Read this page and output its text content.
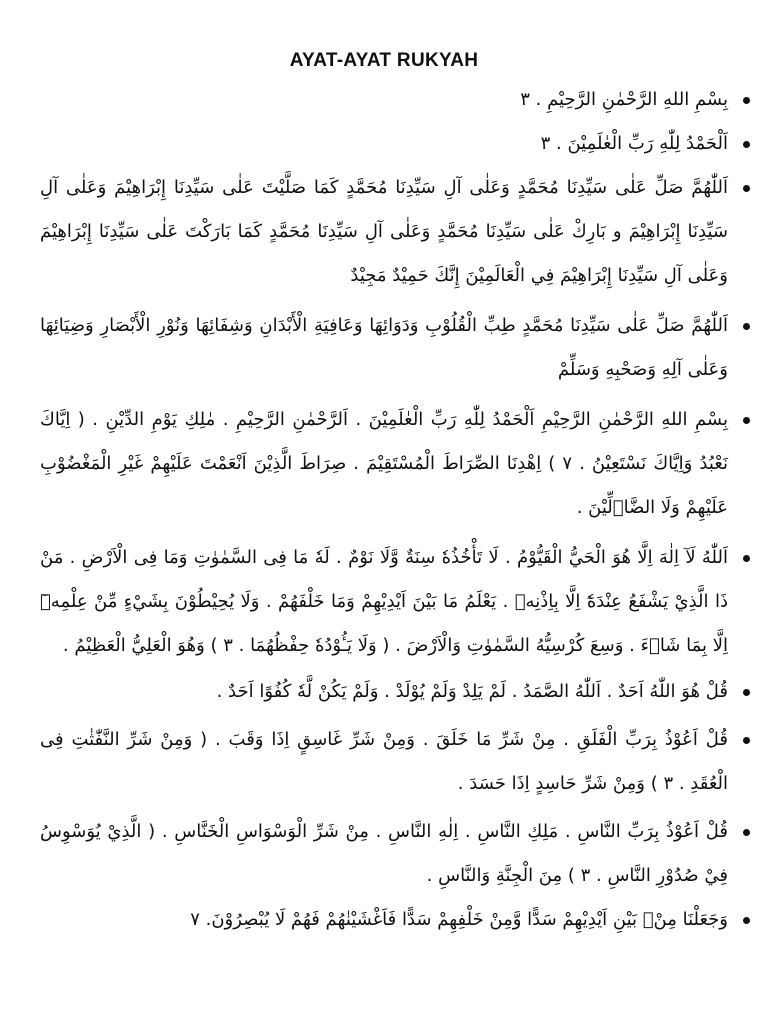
AYAT-AYAT RUKYAH
بِسْمِ اللهِ الرَّحْمٰنِ الرَّحِيْمِ . ٣
اَلْحَمْدُ لِلّٰهِ رَبِّ الْعٰلَمِيْنَ . ٣
اَللّٰهُمَّ صَلِّ عَلٰى سَيِّدِنَا مُحَمَّدٍ وَعَلٰى آلِ سَيِّدِنَا مُحَمَّدٍ كَمَا صَلَّيْتَ عَلٰى سَيِّدِنَا إِبْرَاهِيْمَ وَعَلٰى آلِ سَيِّدِنَا إِبْرَاهِيْمَ و بَارِكْ عَلٰى سَيِّدِنَا مُحَمَّدٍ وَعَلٰى آلِ سَيِّدِنَا مُحَمَّدٍ كَمَا بَارَكْتَ عَلٰى سَيِّدِنَا إِبْرَاهِيْمَ وَعَلٰى آلِ سَيِّدِنَا إِبْرَاهِيْمَ فِي الْعَالَمِيْنَ إِنَّكَ حَمِيْدٌ مَجِيْدٌ
اَللّٰهُمَّ صَلِّ عَلٰى سَيِّدِنَا مُحَمَّدٍ طِبِّ الْقُلُوْبِ وَدَوَائِهَا وَعَافِيَةِ الْأَبْدَانِ وَشِفَائِهَا وَنُوْرِ الْأَبْصَارِ وَضِيَائِهَا وَعَلٰى آلِهِ وَصَحْبِهِ وَسَلِّمْ
بِسْمِ اللهِ الرَّحْمٰنِ الرَّحِيْمِ اَلْحَمْدُ لِلّٰهِ رَبِّ الْعٰلَمِيْنَ . اَلرَّحْمٰنِ الرَّحِيْمِ . مٰلِكِ يَوْمِ الدِّيْنِ . ( اِيَّاكَ نَعْبُدُ وَاِيَّاكَ نَسْتَعِيْنُ . ٧ ) اِهْدِنَا الصِّرَاطَ الْمُسْتَقِيْمَ . صِرَاطَ الَّذِيْنَ اَنْعَمْتَ عَلَيْهِمْ غَيْرِ الْمَغْضُوْبِ عَلَيْهِمْ وَلَا الضَّاۤلِّيْنَ .
اَللّٰهُ لَآ اِلٰهَ اِلَّا هُوَ الْحَيُّ الْقَيُّوْمُ . لَا تَأْخُذُهٗ سِنَةٌ وَّلَا نَوْمٌ . لَهٗ مَا فِى السَّمٰوٰتِ وَمَا فِى الْاَرْضِ . مَنْ ذَا الَّذِيْ يَشْفَعُ عِنْدَهٗٓ اِلَّا بِاِذْنِهٖ . يَعْلَمُ مَا بَيْنَ اَيْدِيْهِمْ وَمَا خَلْفَهُمْ . وَلَا يُحِيْطُوْنَ بِشَيْءٍ مِّنْ عِلْمِهٖٓ اِلَّا بِمَا شَاۤءَ . وَسِعَ كُرْسِيُّهُ السَّمٰوٰتِ وَالْاَرْضَ . ( وَلَا يَـُٔوْدُهٗ حِفْظُهُمَا . ٣ ) وَهُوَ الْعَلِيُّ الْعَظِيْمُ .
قُلْ هُوَ اللّٰهُ اَحَدٌ . اَللّٰهُ الصَّمَدُ . لَمْ يَلِدْ وَلَمْ يُوْلَدْ . وَلَمْ يَكُنْ لَّهٗ كُفُوًا اَحَدٌ .
قُلْ اَعُوْذُ بِرَبِّ الْفَلَقِ . مِنْ شَرِّ مَا خَلَقَ . وَمِنْ شَرِّ غَاسِقٍ اِذَا وَقَبَ . ( وَمِنْ شَرِّ النَّفّٰثٰتِ فِى الْعُقَدِ . ٣ ) وَمِنْ شَرِّ حَاسِدٍ اِذَا حَسَدَ .
قُلْ اَعُوْذُ بِرَبِّ النَّاسِ . مَلِكِ النَّاسِ . اِلٰهِ النَّاسِ . مِنْ شَرِّ الْوَسْوَاسِ الْخَنَّاسِ . ( الَّذِيْ يُوَسْوِسُ فِيْ صُدُوْرِ النَّاسِ . ٣ ) مِنَ الْجِنَّةِ وَالنَّاسِ .
وَجَعَلْنَا مِنْۢ بَيْنِ اَيْدِيْهِمْ سَدًّا وَّمِنْ خَلْفِهِمْ سَدًّا فَاَغْشَيْنٰهُمْ فَهُمْ لَا يُبْصِرُوْنَ. ٧
